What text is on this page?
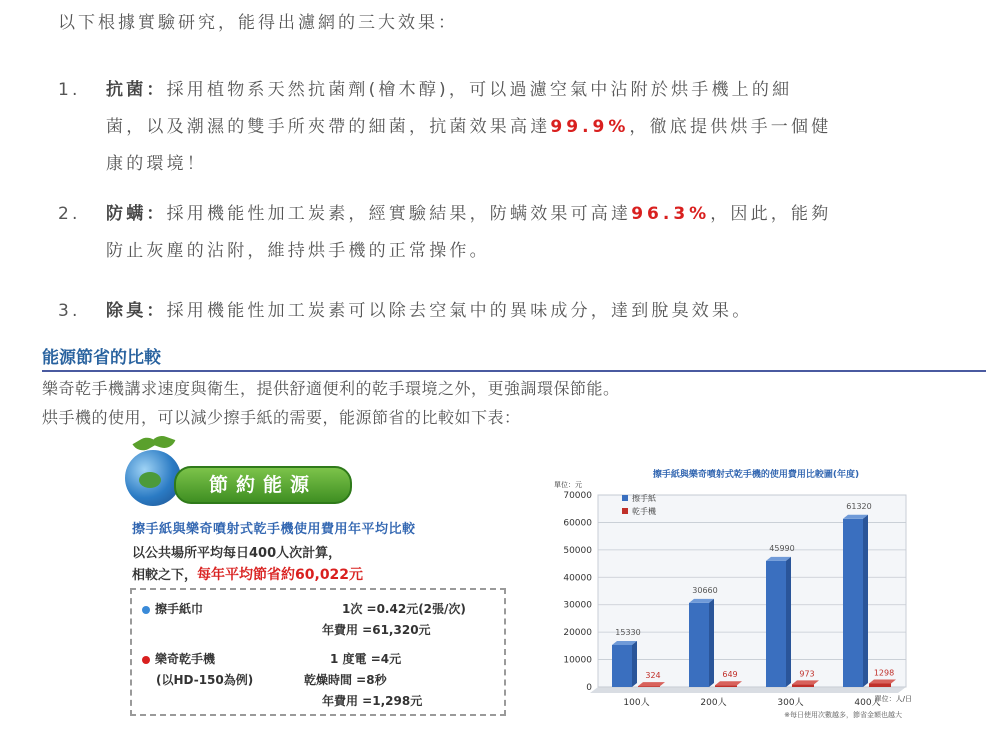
以下根據實驗研究，能得出濾網的三大效果：
1. 抗菌：採用植物系天然抗菌劑(檜木醇)，可以過濾空氣中沾附於烘手機上的細
菌，以及潮濕的雙手所夾帶的細菌，抗菌效果高達99.9%，徹底提供烘手一個健
康的環境！
2. 防螨：採用機能性加工炭素，經實驗結果，防螨效果可高達96.3%，因此，能夠
防止灰塵的沾附，維持烘手機的正常操作。
3. 除臭：採用機能性加工炭素可以除去空氣中的異味成分，達到脫臭效果。
能源節省的比較
樂奇乾手機講求速度與衛生，提供舒適便利的乾手環境之外，更強調環保節能。
烘手機的使用，可以減少擦手紙的需要，能源節省的比較如下表：
節約能源
擦手紙與樂奇噴射式乾手機使用費用年平均比較
以公共場所平均每日400人次計算，
相較之下，每年平均節省約60,022元
擦手紙巾	1次 =0.42元(2張/次)
年費用 =61,320元
樂奇乾手機	1 度電 =4元
(以HD-150為例)	乾燥時間 =8秒
年費用 =1,298元
擦手紙與樂奇噴射式乾手機的使用費用比較圖(年度)
單位：元
0
10000
20000
30000
40000
50000
60000
70000	擦手紙
乾手機
15330
324
100人
30660
649
200人
45990
973
300人
61320
1298
400人
單位：人/日
※每日使用次數越多，節省金額也越大
